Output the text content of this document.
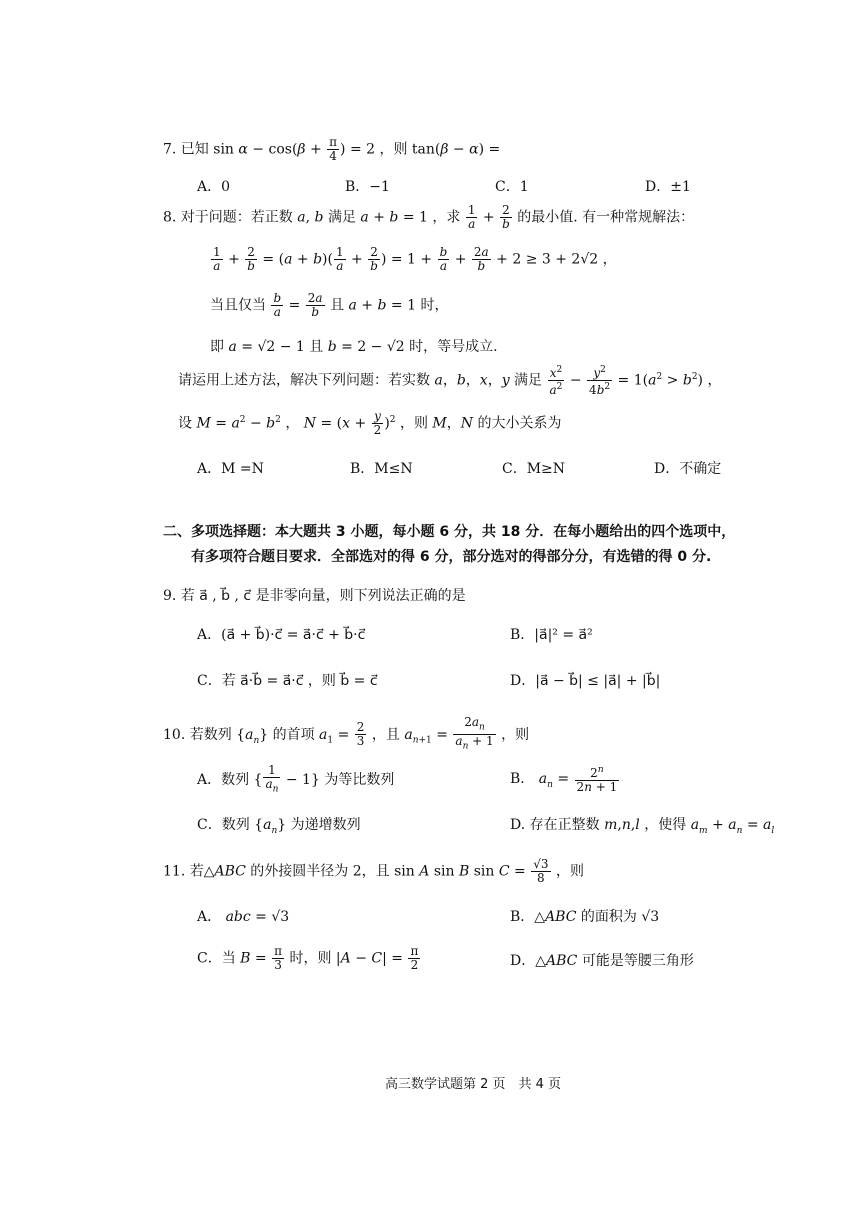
7. 已知 $\sin \alpha - \cos(\beta + \frac{\pi}{4}$ ) = 2 ，则 tan(β − α) =
A．0	B．−1	C．1	D．±1
8. 对于问题：若正数 a, b 满足 a + b = 1 ，求 $\frac{1}{a} + \frac{2}{b}$ 的最小值. 有一种常规解法：
$\frac{1}{a} + \frac{2}{b} = (a + b)( \frac{1}{a} + \frac{2}{b}$ ) = $1 + \frac{b}{a} + \frac{2a}{b} + 2 \ge 3 + 2√2$ ，
当且仅当 $\frac{b}{a} = \frac{2a}{b}$ 且 a + b = 1 时，
即 a = √2 − 1 且 b = 2 − √2 时，等号成立.
请运用上述方法，解决下列问题：若实数 a，b，x，y 满足 $\frac{x^2}{a^2} - \frac{y^2}{4b^2} = 1(a^2 > b^2)$ ，
设 $M = a^2 - b^2$ ， $N = (x + \frac{y}{2} )^2$ ，则 M，N 的大小关系为
A．M =N	B．M≤N	C．M≥N	D．不确定
二、多项选择题：本大题共 3 小题，每小题 6 分，共 18 分．在每小题给出的四个选项中，
有多项符合题目要求．全部选对的得 6 分，部分选对的得部分分，有选错的得 0 分.
9. 若 a⃗ , b⃗ , c⃗ 是非零向量，则下列说法正确的是
A．(a⃗ + b⃗)·c⃗ = a⃗·c⃗ + b⃗·c⃗	B．|a⃗|² = a⃗²
C．若 a⃗·b⃗ = a⃗·c⃗ ，则 b⃗ = c⃗	D．|a⃗ − b⃗| ≤ |a⃗| + |b⃗|
10. 若数列 $\{a_n\}$ 的首项 $a_1 = \frac{2}{3}$ ，且 $a_{n+1} = \frac{2a_n}{a_n + 1}$ ，则
A．数列 { $\frac{1}{a_n} - 1$} 为等比数列	B． $a_n = \frac{2^n}{2n + 1}$
C．数列 $\{a_n\}$ 为递增数列	D. 存在正整数 m,n,l ，使得 $a_m + a_n = a_l$
11. 若△ABC 的外接圆半径为 2，且 sin A sin B $\sin C = \frac{√3}{8}$ ，则
A． abc = √3	B．△ABC 的面积为 √3
C．当 $B = \frac{\pi}{3}$ 时，则 $|A - C| = \frac{\pi}{2}$	D．△ABC 可能是等腰三角形
高三数学试题第 2 页　共 4 页
